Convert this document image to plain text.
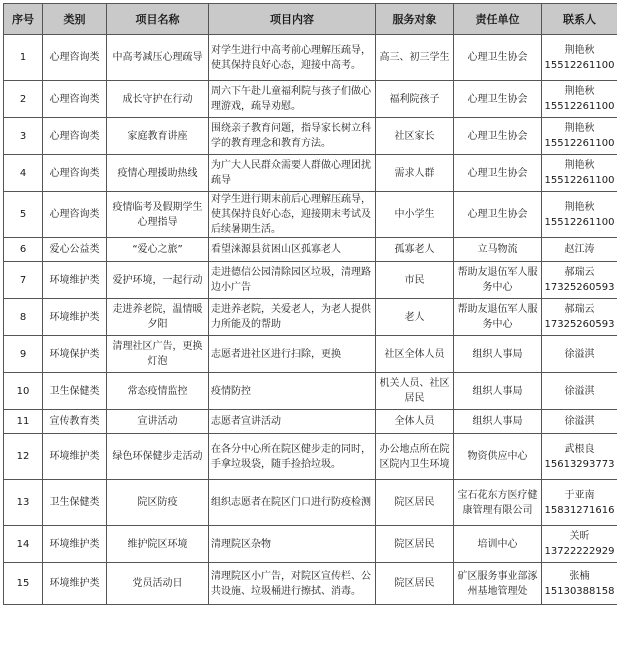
序号	类别	项目名称	项目内容	服务对象	责任单位	联系人
1	心理咨询类	中高考减压心理疏导	对学生进行中高考前心理解压疏导，使其保持良好心态，迎接中高考。	高三、初三学生	心理卫生协会	荆艳秋
15512261100
2	心理咨询类	成长守护在行动	周六下午赴儿童福利院与孩子们做心理游戏，疏导劝慰。	福利院孩子	心理卫生协会	荆艳秋
15512261100
3	心理咨询类	家庭教育讲座	围绕亲子教育问题，指导家长树立科学的教育理念和教育方法。	社区家长	心理卫生协会	荆艳秋
15512261100
4	心理咨询类	疫情心理援助热线	为广大人民群众需要人群做心理团扰疏导	需求人群	心理卫生协会	荆艳秋
15512261100
5	心理咨询类	疫情临考及假期学生心理指导	对学生进行期末前后心理解压疏导，使其保持良好心态，迎接期末考试及后续暑期生活。	中小学生	心理卫生协会	荆艳秋
15512261100
6	爱心公益类	“爱心之旅”	看望涞源县贫困山区孤寡老人	孤寡老人	立马物流	赵江涛
7	环境维护类	爱护环境，一起行动	走进德信公园清除园区垃圾，清理路边小广告	市民	帮助友退伍军人服务中心	郝瑞云
17325260593
8	环境维护类	走进养老院，温情暖夕阳	走进养老院，关爱老人，为老人提供力所能及的帮助	老人	帮助友退伍军人服务中心	郝瑞云
17325260593
9	环境保护类	清理社区广告，更换灯泡	志愿者进社区进行扫除，更换	社区全体人员	组织人事局	徐溢淇
10	卫生保健类	常态疫情监控	疫情防控	机关人员、社区居民	组织人事局	徐溢淇
11	宣传教育类	宣讲活动	志愿者宣讲活动	全体人员	组织人事局	徐溢淇
12	环境维护类	绿色环保健步走活动	在各分中心所在院区健步走的同时，手拿垃圾袋，随手捡拾垃圾。	办公地点所在院区院内卫生环境	物资供应中心	武根良
15613293773
13	卫生保健类	院区防疫	组织志愿者在院区门口进行防疫检测	院区居民	宝石花东方医疗健康管理有限公司	于亚南
15831271616
14	环境维护类	维护院区环境	清理院区杂物	院区居民	培训中心	关昕
13722222929
15	环境维护类	党员活动日	清理院区小广告，对院区宣传栏、公共设施、垃圾桶进行擦拭、消毒。	院区居民	矿区服务事业部涿州基地管理处	张楠
15130388158
